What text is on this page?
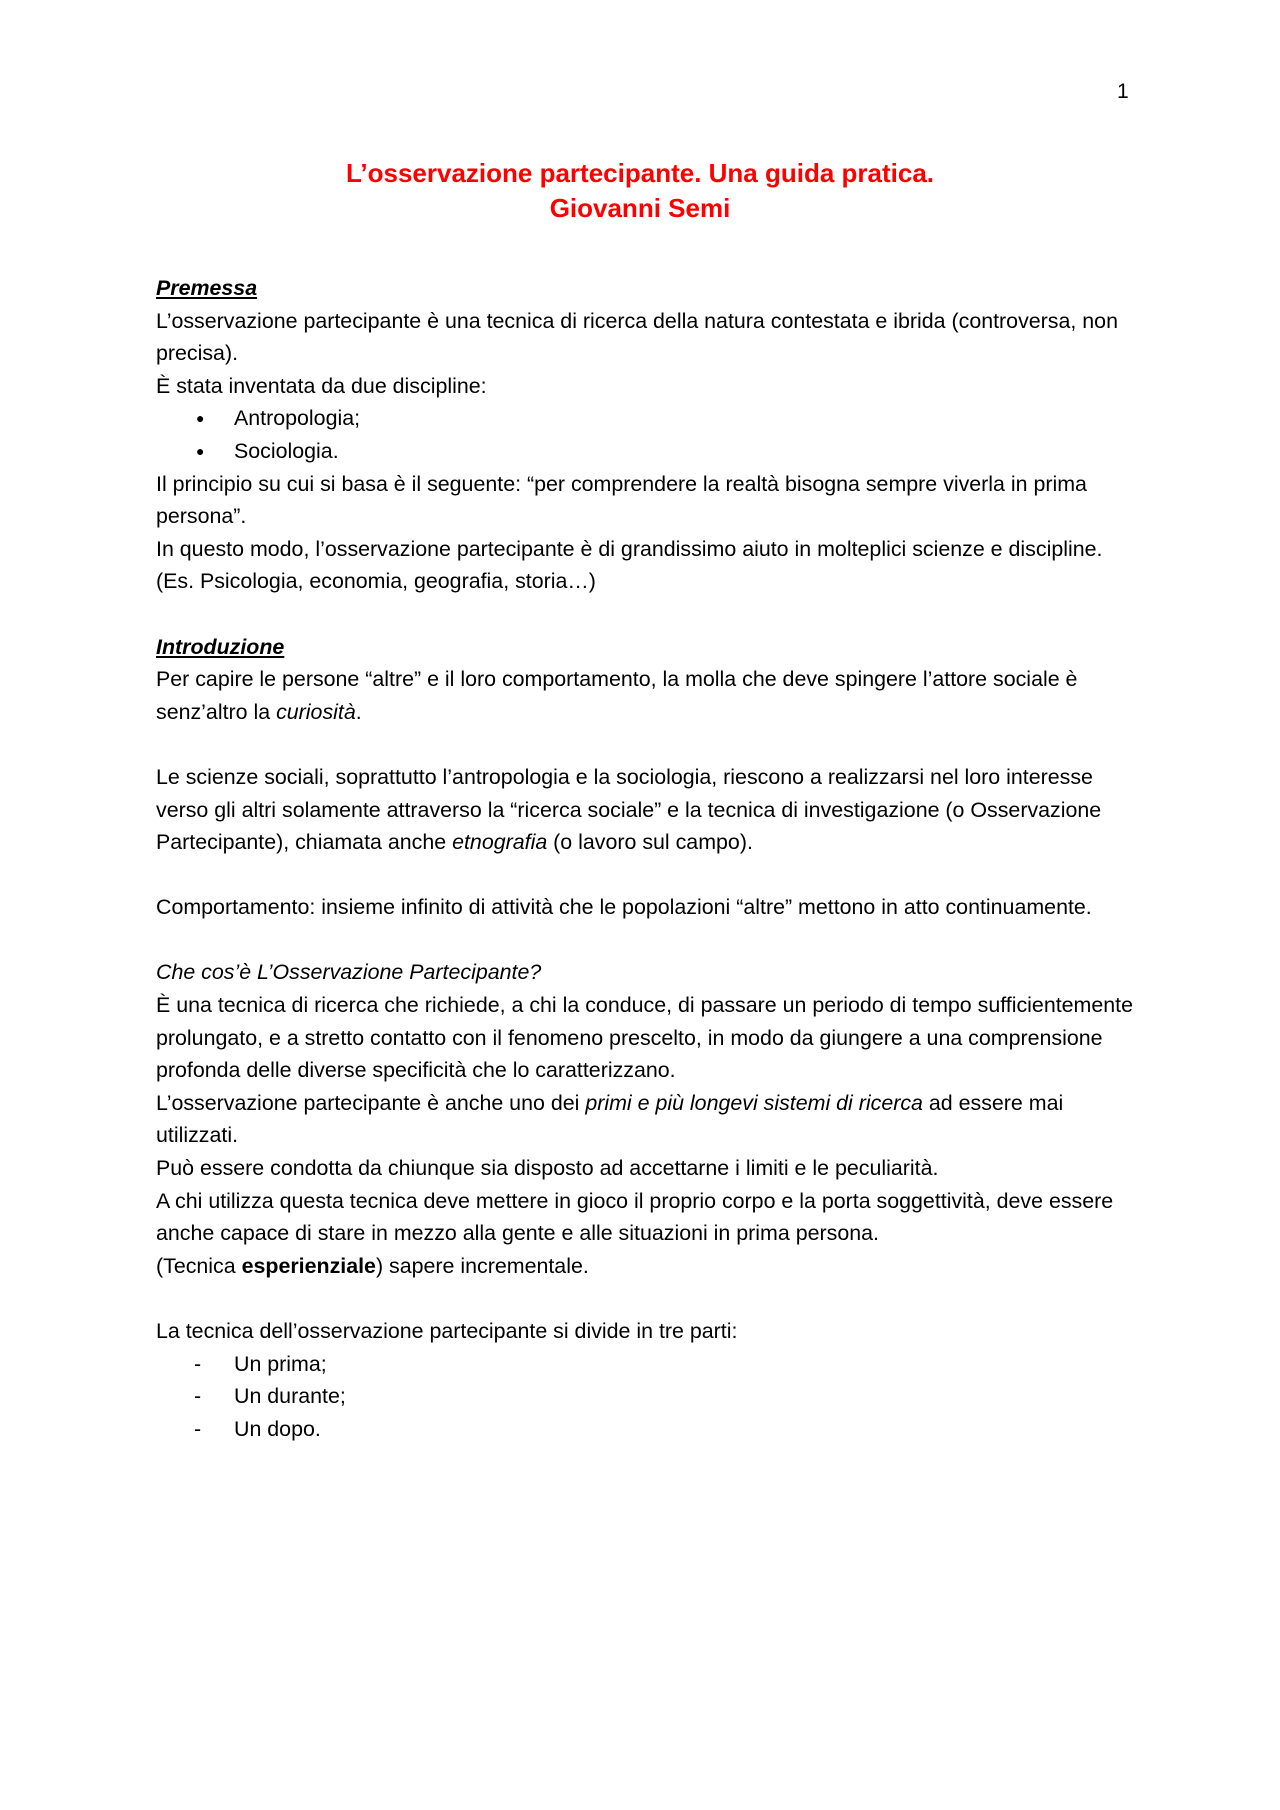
1
L’osservazione partecipante. Una guida pratica.
Giovanni Semi

Premessa

L’osservazione partecipante è una tecnica di ricerca della natura contestata e ibrida (controversa, non precisa).

È stata inventata da due discipline:

● Antropologia;
● Sociologia.

Il principio su cui si basa è il seguente: “per comprendere la realtà bisogna sempre viverla in prima persona”.

In questo modo, l’osservazione partecipante è di grandissimo aiuto in molteplici scienze e discipline. (Es. Psicologia, economia, geografia, storia…)

Introduzione

Per capire le persone “altre” e il loro comportamento, la molla che deve spingere l’attore sociale è senz’altro la curiosità.

Le scienze sociali, soprattutto l’antropologia e la sociologia, riescono a realizzarsi nel loro interesse verso gli altri solamente attraverso la “ricerca sociale” e la tecnica di investigazione (o Osservazione Partecipante), chiamata anche etnografia (o lavoro sul campo).

Comportamento: insieme infinito di attività che le popolazioni “altre” mettono in atto continuamente.

Che cos’è L’Osservazione Partecipante?

È una tecnica di ricerca che richiede, a chi la conduce, di passare un periodo di tempo sufficientemente prolungato, e a stretto contatto con il fenomeno prescelto, in modo da giungere a una comprensione profonda delle diverse specificità che lo caratterizzano.

L’osservazione partecipante è anche uno dei primi e più longevi sistemi di ricerca ad essere mai utilizzati.

Può essere condotta da chiunque sia disposto ad accettarne i limiti e le peculiarità.

A chi utilizza questa tecnica deve mettere in gioco il proprio corpo e la porta soggettività, deve essere anche capace di stare in mezzo alla gente e alle situazioni in prima persona.

(Tecnica esperienziale) sapere incrementale.

La tecnica dell’osservazione partecipante si divide in tre parti:

- Un prima;
- Un durante;
- Un dopo.
